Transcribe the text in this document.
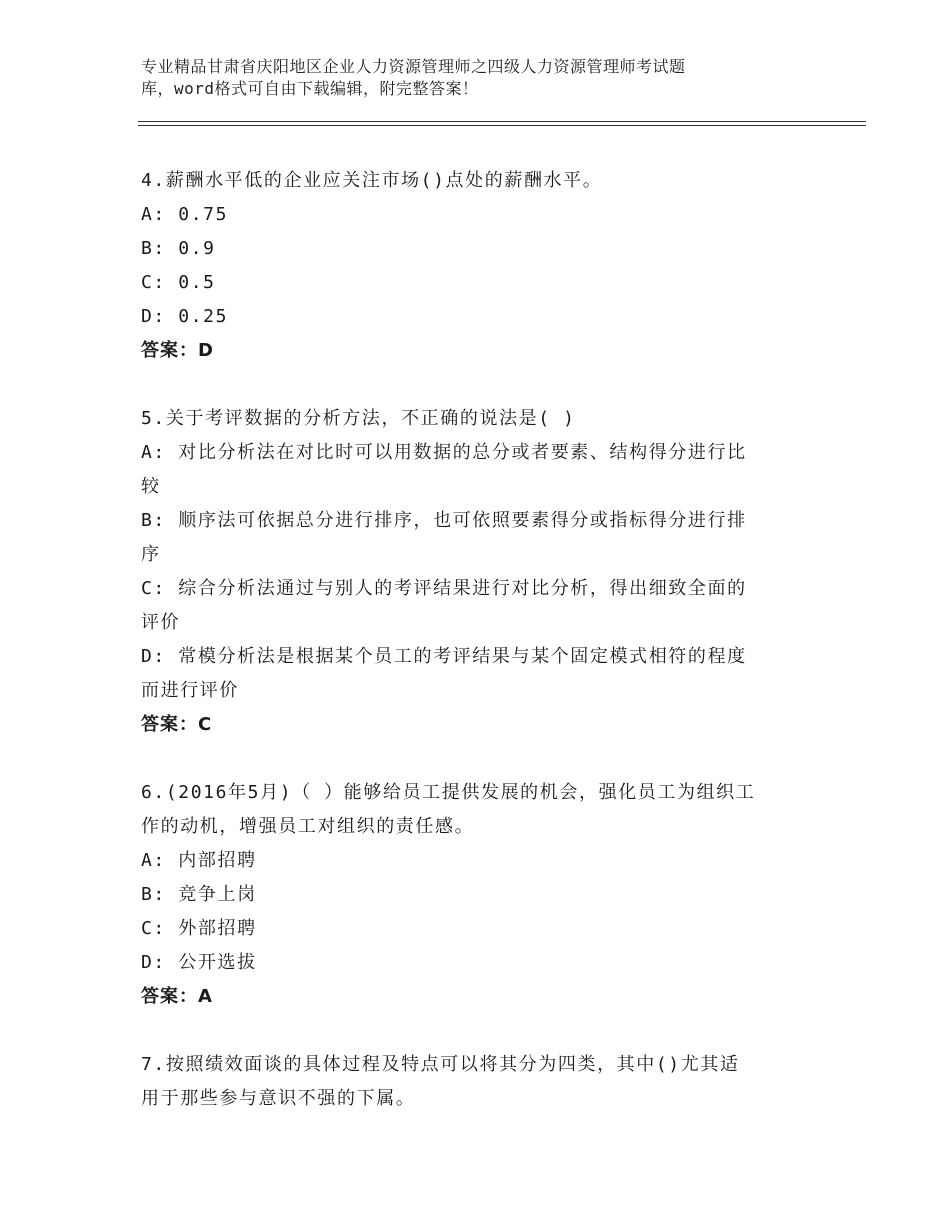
专业精品甘肃省庆阳地区企业人力资源管理师之四级人力资源管理师考试题
库，word格式可自由下载编辑，附完整答案！
4.薪酬水平低的企业应关注市场()点处的薪酬水平。
A: 0.75
B: 0.9
C: 0.5
D: 0.25
答案：D
5.关于考评数据的分析方法，不正确的说法是( )
A: 对比分析法在对比时可以用数据的总分或者要素、结构得分进行比
较
B: 顺序法可依据总分进行排序，也可依照要素得分或指标得分进行排
序
C: 综合分析法通过与别人的考评结果进行对比分析，得出细致全面的
评价
D: 常模分析法是根据某个员工的考评结果与某个固定模式相符的程度
而进行评价
答案：C
6.(2016年5月)（ ）能够给员工提供发展的机会，强化员工为组织工
作的动机，增强员工对组织的责任感。
A: 内部招聘
B: 竞争上岗
C: 外部招聘
D: 公开选拔
答案：A
7.按照绩效面谈的具体过程及特点可以将其分为四类，其中()尤其适
用于那些参与意识不强的下属。
